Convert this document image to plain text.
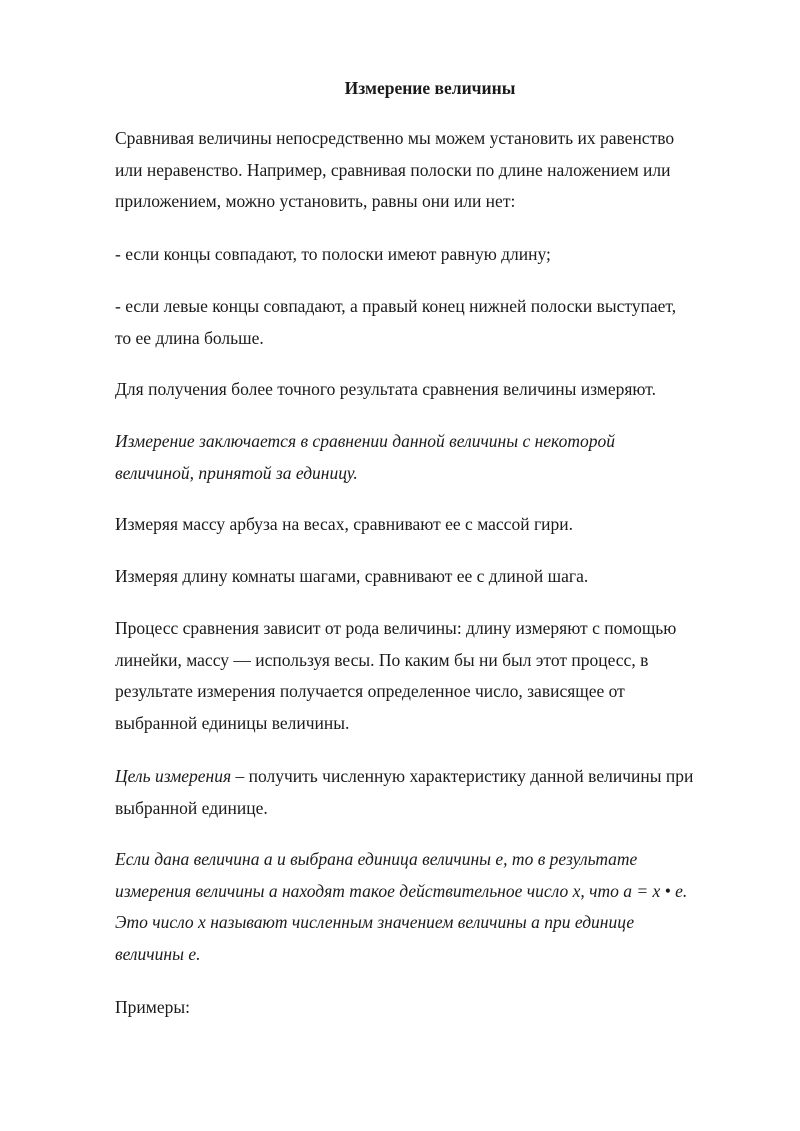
Измерение величины

Сравнивая величины непосредственно мы можем установить их равенство
или неравенство. Например, сравнивая полоски по длине наложением или
приложением, можно установить, равны они или нет:

- если концы совпадают, то полоски имеют равную длину;

- если левые концы совпадают, а правый конец нижней полоски выступает,
то ее длина больше.

Для получения более точного результата сравнения величины измеряют.

Измерение заключается в сравнении данной величины с некоторой
величиной, принятой за единицу.

Измеряя массу арбуза на весах, сравнивают ее с массой гири.

Измеряя длину комнаты шагами, сравнивают ее с длиной шага.

Процесс сравнения зависит от рода величины: длину измеряют с помощью
линейки, массу — используя весы. По каким бы ни был этот процесс, в
результате измерения получается определенное число, зависящее от
выбранной единицы величины.

Цель измерения – получить численную характеристику данной величины при
выбранной единице.

Если дана величина a и выбрана единица величины e, то в результате
измерения величины a находят такое действительное число x, что a = x • e.
Это число x называют численным значением величины a при единице
величины e.

Примеры:
